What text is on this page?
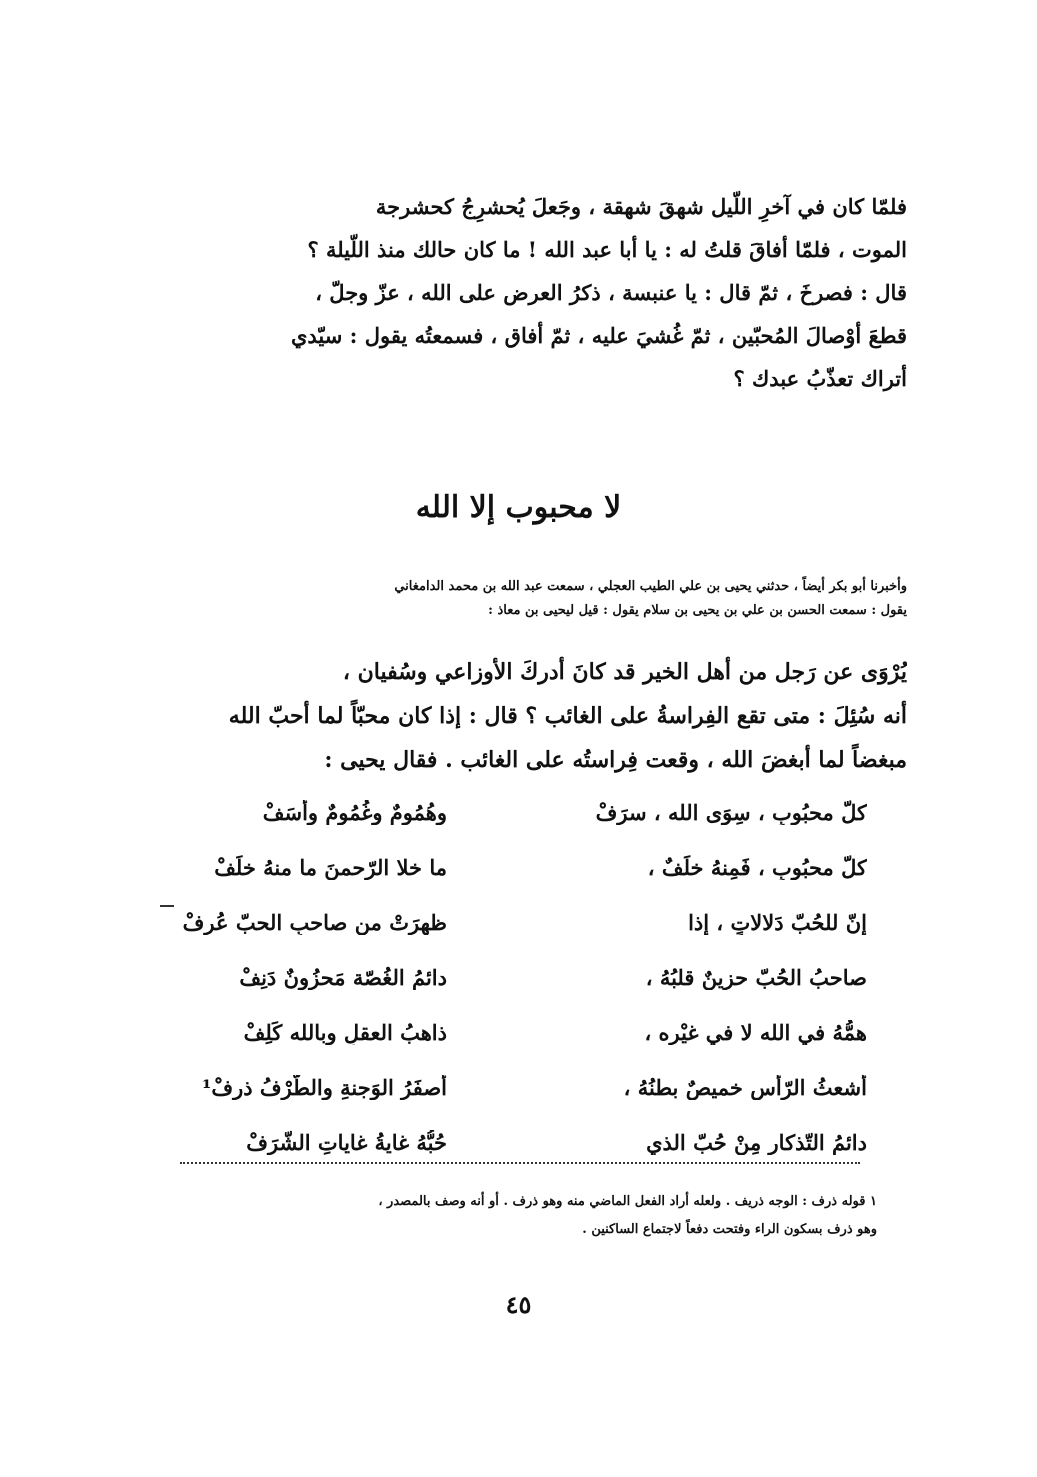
فلمّا كان في آخرِ اللّيل شهقَ شهقة ، وجَعلَ يُحشرِجُ كحشرجة
الموت ، فلمّا أفاقَ قلتُ له : يا أبا عبد الله ! ما كان حالك منذ اللّيلة ؟
قال : فصرخَ ، ثمّ قال : يا عنبسة ، ذكرُ العرض على الله ، عزّ وجلّ ،
قطعَ أوْصالَ المُحبّين ، ثمّ غُشيَ عليه ، ثمّ أفاق ، فسمعتُه يقول : سيّدي
أتراك تعذّبُ عبدك ؟
لا محبوب إلا الله
وأخبرنا أبو بكر أيضاً ، حدثني يحيى بن علي الطيب العجلي ، سمعت عبد الله بن محمد الدامغاني
يقول : سمعت الحسن بن علي بن يحيى بن سلام يقول : قيل ليحيى بن معاذ :
يُرْوَى عن رَجل من أهل الخير قد كانَ أدركَ الأوزاعي وسُفيان ،
أنه سُئِلَ : متى تقع الفِراسةُ على الغائب ؟ قال : إذا كان محبّاً لما أحبّ الله
مبغضاً لما أبغضَ الله ، وقعت فِراستُه على الغائب . فقال يحيى :
كلّ محبُوبٍ ، سِوَى الله ، سرَفْ
وهُمُومٌ وغُمُومٌ وأسَفْ
كلّ محبُوبٍ ، فَمِنهُ خلَفٌ ،
ما خلا الرّحمنَ ما منهُ خلَفْ
إنّ للحُبّ دَلالاتٍ ، إذا
ظهرَتْ من صاحبِ الحبّ عُرِفْ
صاحبُ الحُبّ حزينٌ قلبُهُ ،
دائمُ الغُصّة مَحزُونٌ دَنِفْ
همُّهُ في الله لا في غيْرِه ،
ذاهبُ العقلِ وبالله كَلِفْ
أشعثُ الرّأسِ خميصٌ بطنُهُ ،
أصفَرُ الوَجنةِ والطّرْفُ ذرِفْ¹
دائمُ التّذكارِ مِنْ حُبّ الذي
حُبُّهُ غايةُ غاياتِ الشّرَفْ
١ قوله ذرف : الوجه ذريف . ولعله أراد الفعل الماضي منه وهو ذرف . أو أنه وصف بالمصدر ،
وهو ذرف بسكون الراء وفتحت دفعاً لاجتماع الساكنين .
٤٥
